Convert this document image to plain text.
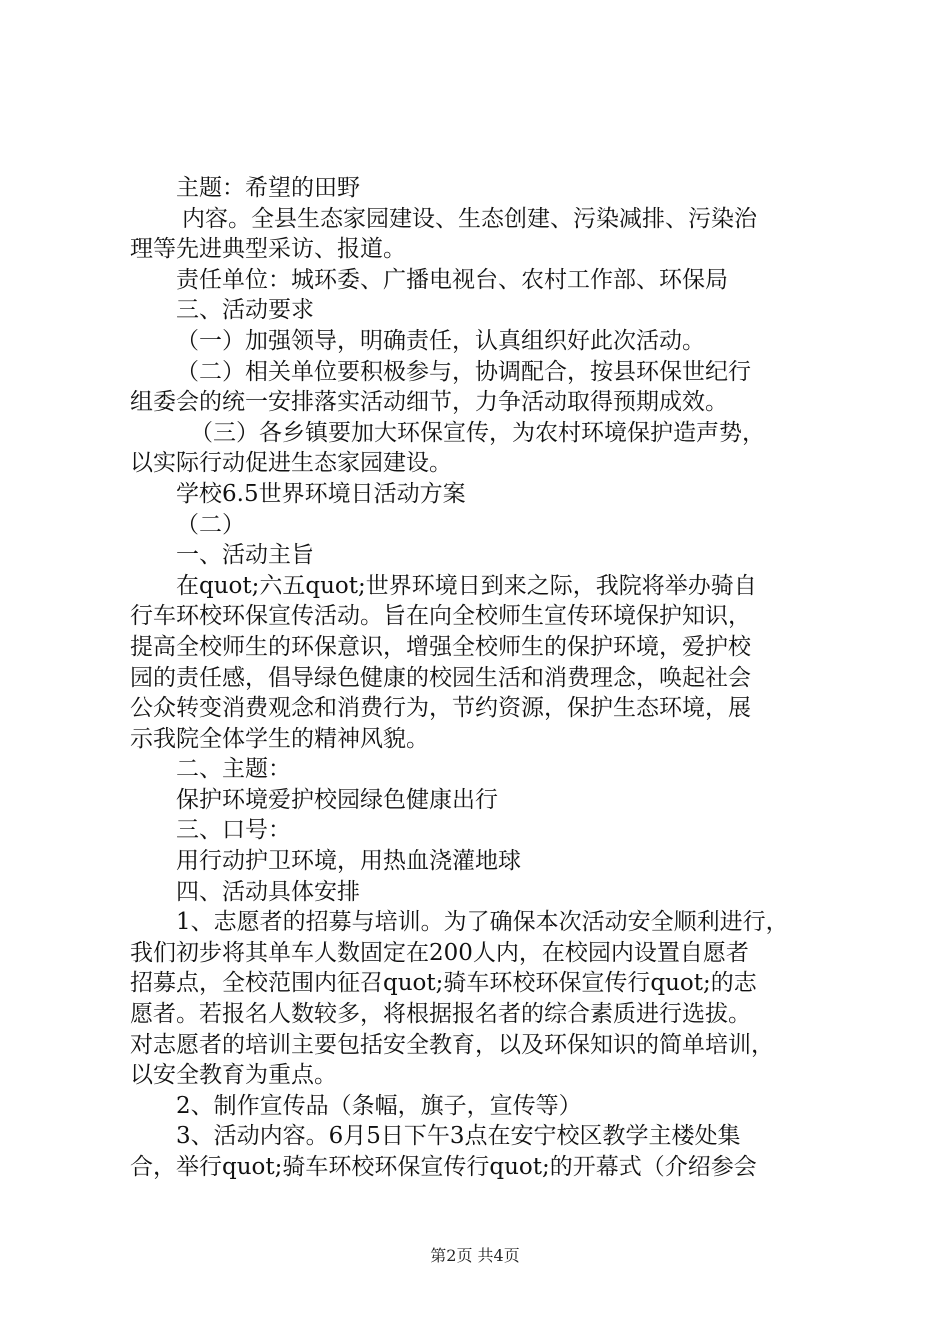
主题：希望的田野
内容。全县生态家园建设、生态创建、污染减排、污染治
理等先进典型采访、报道。
责任单位：城环委、广播电视台、农村工作部、环保局
三、活动要求
（一）加强领导，明确责任，认真组织好此次活动。
（二）相关单位要积极参与，协调配合，按县环保世纪行
组委会的统一安排落实活动细节，力争活动取得预期成效。
（三）各乡镇要加大环保宣传，为农村环境保护造声势，
以实际行动促进生态家园建设。
学校6.5世界环境日活动方案
（二）
一、活动主旨
在quot;六五quot;世界环境日到来之际，我院将举办骑自
行车环校环保宣传活动。旨在向全校师生宣传环境保护知识，
提高全校师生的环保意识，增强全校师生的保护环境，爱护校
园的责任感，倡导绿色健康的校园生活和消费理念，唤起社会
公众转变消费观念和消费行为，节约资源，保护生态环境，展
示我院全体学生的精神风貌。
二、主题：
保护环境爱护校园绿色健康出行
三、口号：
用行动护卫环境，用热血浇灌地球
四、活动具体安排
1、志愿者的招募与培训。为了确保本次活动安全顺利进行，
我们初步将其单车人数固定在200人内，在校园内设置自愿者
招募点，全校范围内征召quot;骑车环校环保宣传行quot;的志
愿者。若报名人数较多，将根据报名者的综合素质进行选拔。
对志愿者的培训主要包括安全教育，以及环保知识的简单培训，
以安全教育为重点。
2、制作宣传品（条幅，旗子，宣传等）
3、活动内容。6月5日下午3点在安宁校区教学主楼处集
合，举行quot;骑车环校环保宣传行quot;的开幕式（介绍参会
第2页 共4页
